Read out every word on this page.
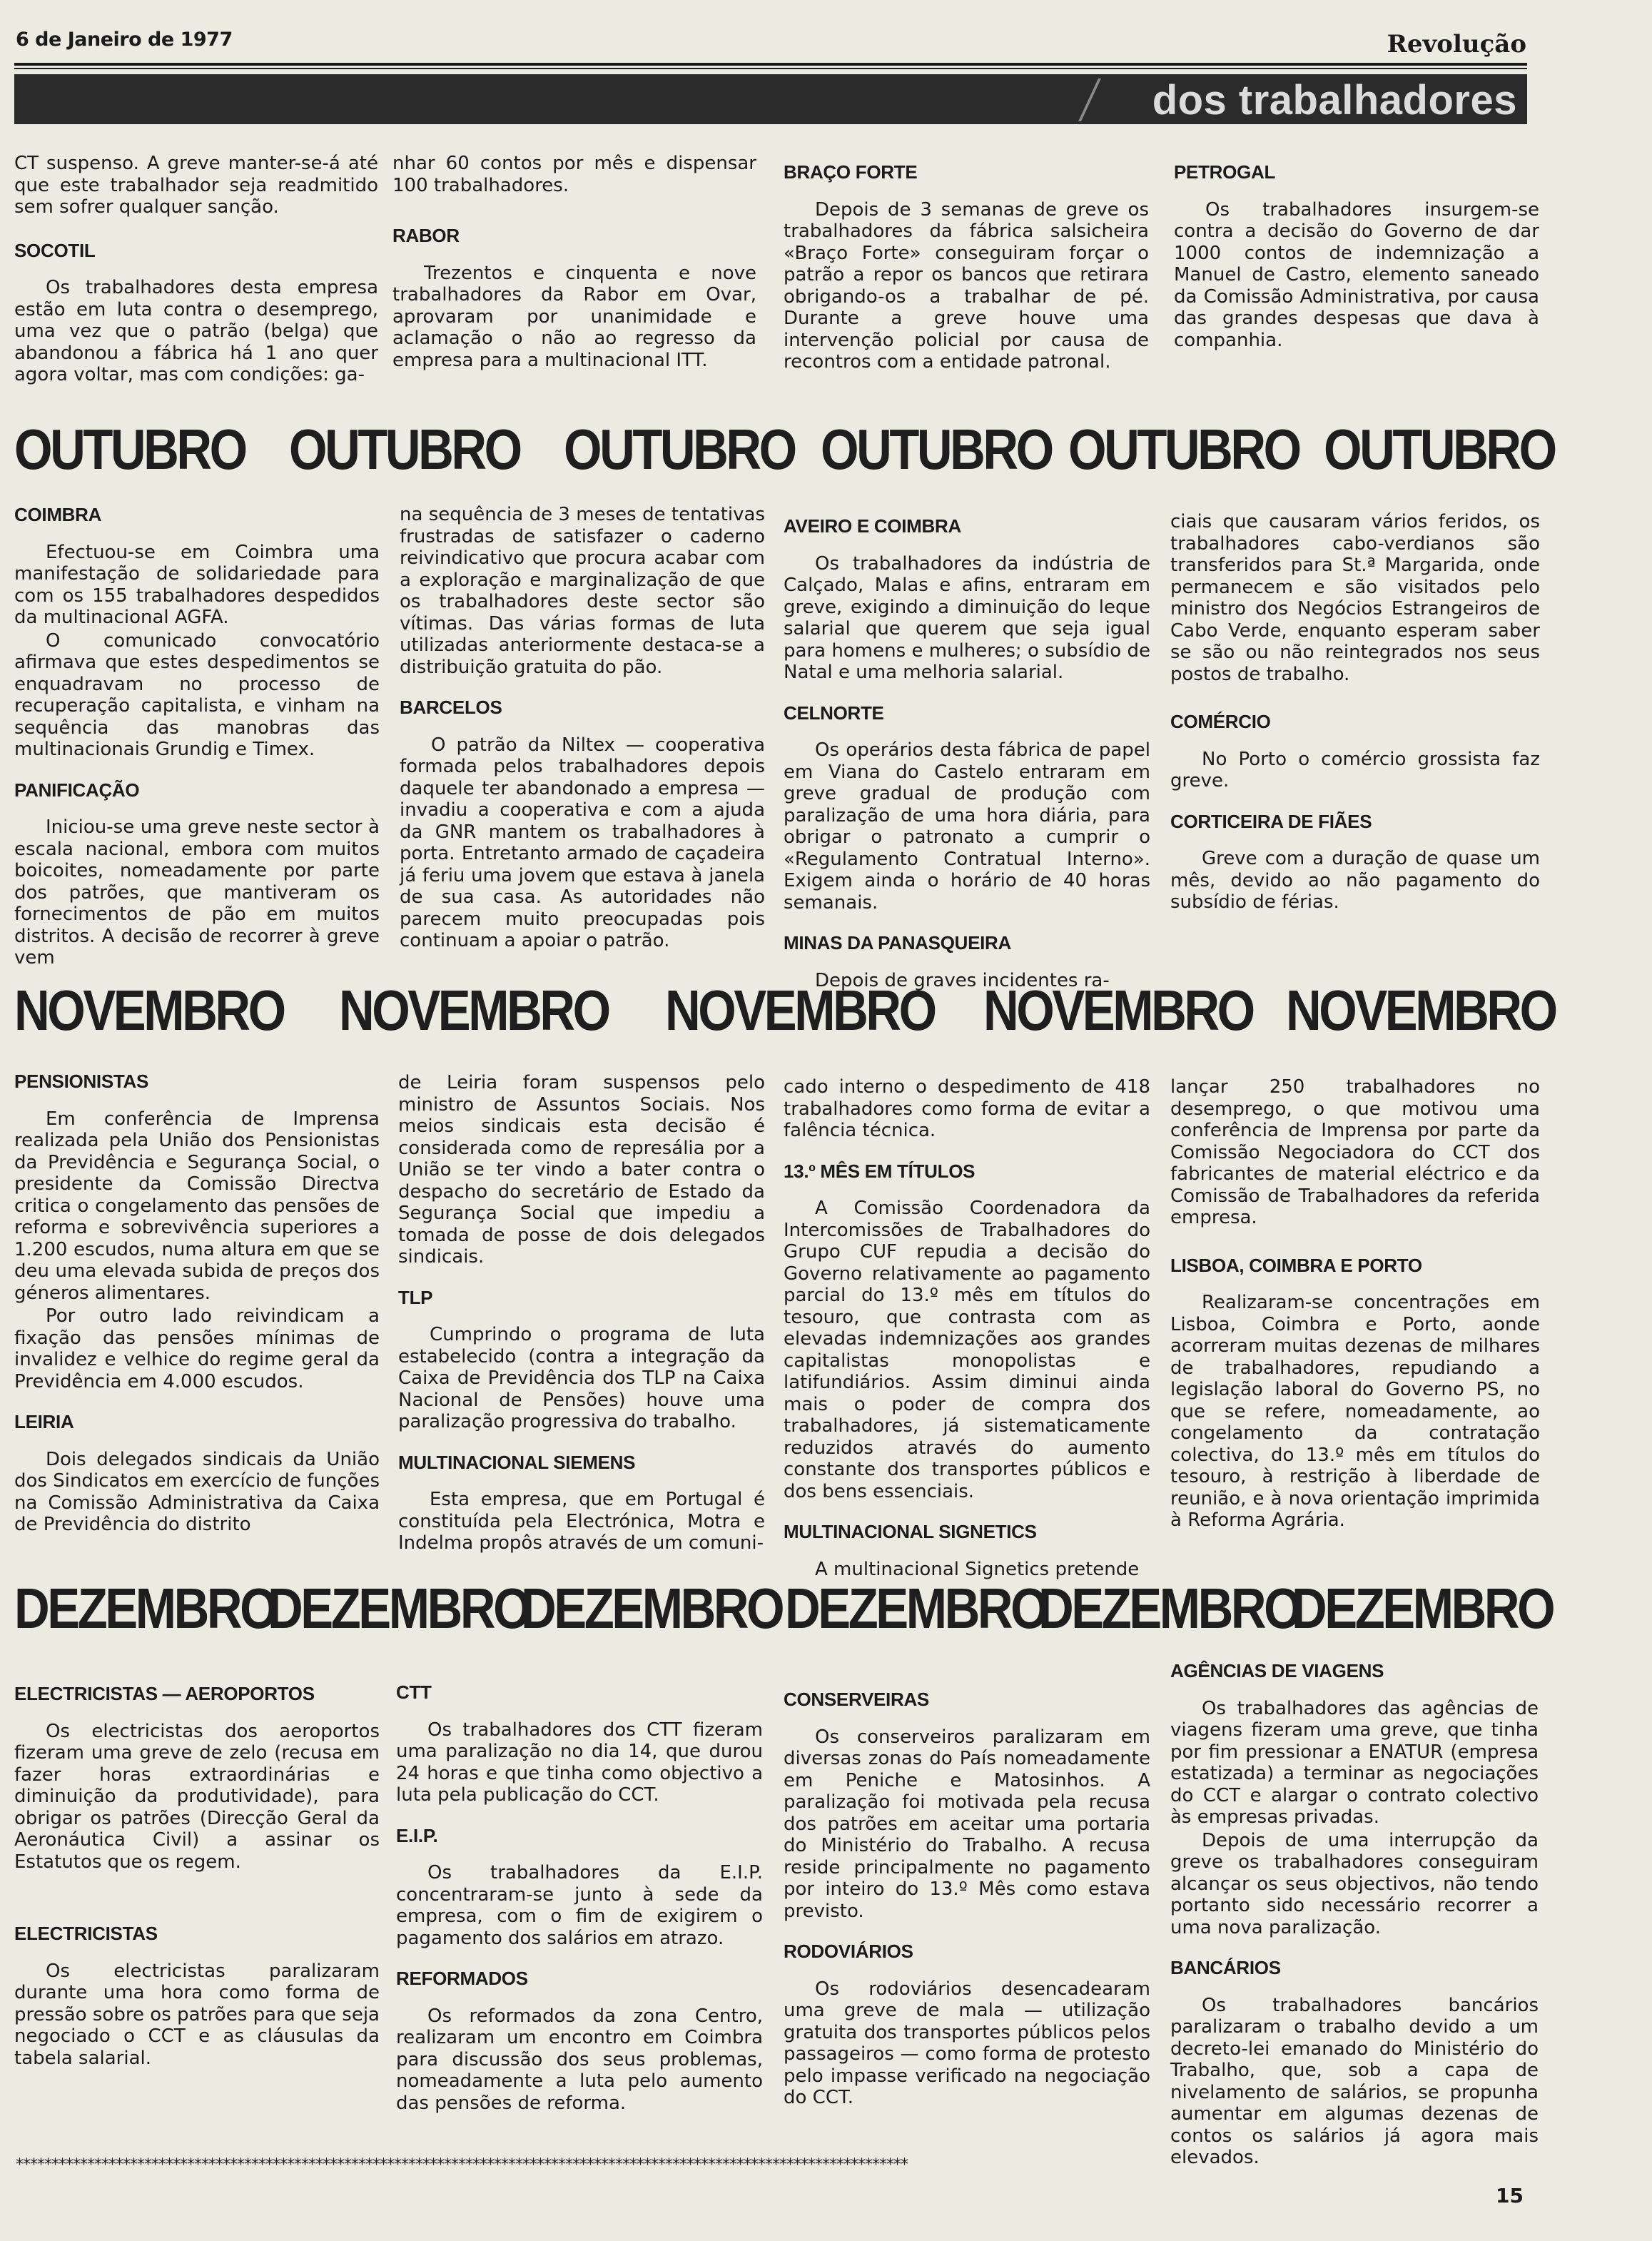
6 de Janeiro de 1977	Revolução
dos trabalhadores

CT suspenso. A greve manter-se-á até que este trabalhador seja readmitido sem sofrer qualquer sanção.

SOCOTIL

Os trabalhadores desta empresa estão em luta contra o desemprego, uma vez que o patrão (belga) que abandonou a fábrica há 1 ano quer agora voltar, mas com condições: ga-

nhar 60 contos por mês e dispensar 100 trabalhadores.

RABOR

Trezentos e cinquenta e nove trabalhadores da Rabor em Ovar, aprovaram por unanimidade e aclamação o não ao regresso da empresa para a multinacional ITT.

BRAÇO FORTE

Depois de 3 semanas de greve os trabalhadores da fábrica salsicheira «Braço Forte» conseguiram forçar o patrão a repor os bancos que retirara obrigando-os a trabalhar de pé. Durante a greve houve uma intervenção policial por causa de recontros com a entidade patronal.

PETROGAL

Os trabalhadores insurgem-se contra a decisão do Governo de dar 1000 contos de indemnização a Manuel de Castro, elemento saneado da Comissão Administrativa, por causa das grandes despesas que dava à companhia.

OUTUBRO OUTUBRO OUTUBRO OUTUBRO OUTUBRO OUTUBRO
COIMBRA

Efectuou-se em Coimbra uma manifestação de solidariedade para com os 155 trabalhadores despedidos da multinacional AGFA.

O comunicado convocatório afirmava que estes despedimentos se enquadravam no processo de recuperação capitalista, e vinham na sequência das manobras das multinacionais Grundig e Timex.

PANIFICAÇÃO

Iniciou-se uma greve neste sector à escala nacional, embora com muitos boicoites, nomeadamente por parte dos patrões, que mantiveram os fornecimentos de pão em muitos distritos. A decisão de recorrer à greve vem

na sequência de 3 meses de tentativas frustradas de satisfazer o caderno reivindicativo que procura acabar com a exploração e marginalização de que os trabalhadores deste sector são vítimas. Das várias formas de luta utilizadas anteriormente destaca-se a distribuição gratuita do pão.

BARCELOS

O patrão da Niltex — cooperativa formada pelos trabalhadores depois daquele ter abandonado a empresa — invadiu a cooperativa e com a ajuda da GNR mantem os trabalhadores à porta. Entretanto armado de caçadeira já feriu uma jovem que estava à janela de sua casa. As autoridades não parecem muito preocupadas pois continuam a apoiar o patrão.

AVEIRO E COIMBRA

Os trabalhadores da indústria de Calçado, Malas e afins, entraram em greve, exigindo a diminuição do leque salarial que querem que seja igual para homens e mulheres; o subsídio de Natal e uma melhoria salarial.

CELNORTE

Os operários desta fábrica de papel em Viana do Castelo entraram em greve gradual de produção com paralização de uma hora diária, para obrigar o patronato a cumprir o «Regulamento Contratual Interno». Exigem ainda o horário de 40 horas semanais.

MINAS DA PANASQUEIRA

Depois de graves incidentes ra-

ciais que causaram vários feridos, os trabalhadores cabo-verdianos são transferidos para St.ª Margarida, onde permanecem e são visitados pelo ministro dos Negócios Estrangeiros de Cabo Verde, enquanto esperam saber se são ou não reintegrados nos seus postos de trabalho.

COMÉRCIO

No Porto o comércio grossista faz greve.

CORTICEIRA DE FIÃES

Greve com a duração de quase um mês, devido ao não pagamento do subsídio de férias.

NOVEMBRO NOVEMBRO NOVEMBRO NOVEMBRO NOVEMBRO
PENSIONISTAS

Em conferência de Imprensa realizada pela União dos Pensionistas da Previdência e Segurança Social, o presidente da Comissão Directva critica o congelamento das pensões de reforma e sobrevivência superiores a 1.200 escudos, numa altura em que se deu uma elevada subida de preços dos géneros alimentares.

Por outro lado reivindicam a fixação das pensões mínimas de invalidez e velhice do regime geral da Previdência em 4.000 escudos.

LEIRIA

Dois delegados sindicais da União dos Sindicatos em exercício de funções na Comissão Administrativa da Caixa de Previdência do distrito

de Leiria foram suspensos pelo ministro de Assuntos Sociais. Nos meios sindicais esta decisão é considerada como de represália por a União se ter vindo a bater contra o despacho do secretário de Estado da Segurança Social que impediu a tomada de posse de dois delegados sindicais.

TLP

Cumprindo o programa de luta estabelecido (contra a integração da Caixa de Previdência dos TLP na Caixa Nacional de Pensões) houve uma paralização progressiva do trabalho.

MULTINACIONAL SIEMENS

Esta empresa, que em Portugal é constituída pela Electrónica, Motra e Indelma propôs através de um comuni-

cado interno o despedimento de 418 trabalhadores como forma de evitar a falência técnica.

13.º MÊS EM TÍTULOS

A Comissão Coordenadora da Intercomissões de Trabalhadores do Grupo CUF repudia a decisão do Governo relativamente ao pagamento parcial do 13.º mês em títulos do tesouro, que contrasta com as elevadas indemnizações aos grandes capitalistas monopolistas e latifundiários. Assim diminui ainda mais o poder de compra dos trabalhadores, já sistematicamente reduzidos através do aumento constante dos transportes públicos e dos bens essenciais.

MULTINACIONAL SIGNETICS

A multinacional Signetics pretende

lançar 250 trabalhadores no desemprego, o que motivou uma conferência de Imprensa por parte da Comissão Negociadora do CCT dos fabricantes de material eléctrico e da Comissão de Trabalhadores da referida empresa.

LISBOA, COIMBRA E PORTO

Realizaram-se concentrações em Lisboa, Coimbra e Porto, aonde acorreram muitas dezenas de milhares de trabalhadores, repudiando a legislação laboral do Governo PS, no que se refere, nomeadamente, ao congelamento da contratação colectiva, do 13.º mês em títulos do tesouro, à restrição à liberdade de reunião, e à nova orientação imprimida à Reforma Agrária.

DEZEMBRO
DEZEMBRO
DEZEMBRO DEZEMBRO
DEZEMBRO
DEZEMBRO
ELECTRICISTAS — AEROPORTOS

Os electricistas dos aeroportos fizeram uma greve de zelo (recusa em fazer horas extraordinárias e diminuição da produtividade), para obrigar os patrões (Direcção Geral da Aeronáutica Civil) a assinar os Estatutos que os regem.

ELECTRICISTAS

Os electricistas paralizaram durante uma hora como forma de pressão sobre os patrões para que seja negociado o CCT e as cláusulas da tabela salarial.

CTT

Os trabalhadores dos CTT fizeram uma paralização no dia 14, que durou 24 horas e que tinha como objectivo a luta pela publicação do CCT.

E.I.P.

Os trabalhadores da E.I.P. concentraram-se junto à sede da empresa, com o fim de exigirem o pagamento dos salários em atrazo.

REFORMADOS

Os reformados da zona Centro, realizaram um encontro em Coimbra para discussão dos seus problemas, nomeadamente a luta pelo aumento das pensões de reforma.

CONSERVEIRAS

Os conserveiros paralizaram em diversas zonas do País nomeadamente em Peniche e Matosinhos. A paralização foi motivada pela recusa dos patrões em aceitar uma portaria do Ministério do Trabalho. A recusa reside principalmente no pagamento por inteiro do 13.º Mês como estava previsto.

RODOVIÁRIOS

Os rodoviários desencadearam uma greve de mala — utilização gratuita dos transportes públicos pelos passageiros — como forma de protesto pelo impasse verificado na negociação do CCT.

AGÊNCIAS DE VIAGENS

Os trabalhadores das agências de viagens fizeram uma greve, que tinha por fim pressionar a ENATUR (empresa estatizada) a terminar as negociações do CCT e alargar o contrato colectivo às empresas privadas.

Depois de uma interrupção da greve os trabalhadores conseguiram alcançar os seus objectivos, não tendo portanto sido necessário recorrer a uma nova paralização.

BANCÁRIOS

Os trabalhadores bancários paralizaram o trabalho devido a um decreto-lei emanado do Ministério do Trabalho, que, sob a capa de nivelamento de salários, se propunha aumentar em algumas dezenas de contos os salários já agora mais elevados.

*****************************************************************************************************************************
15
